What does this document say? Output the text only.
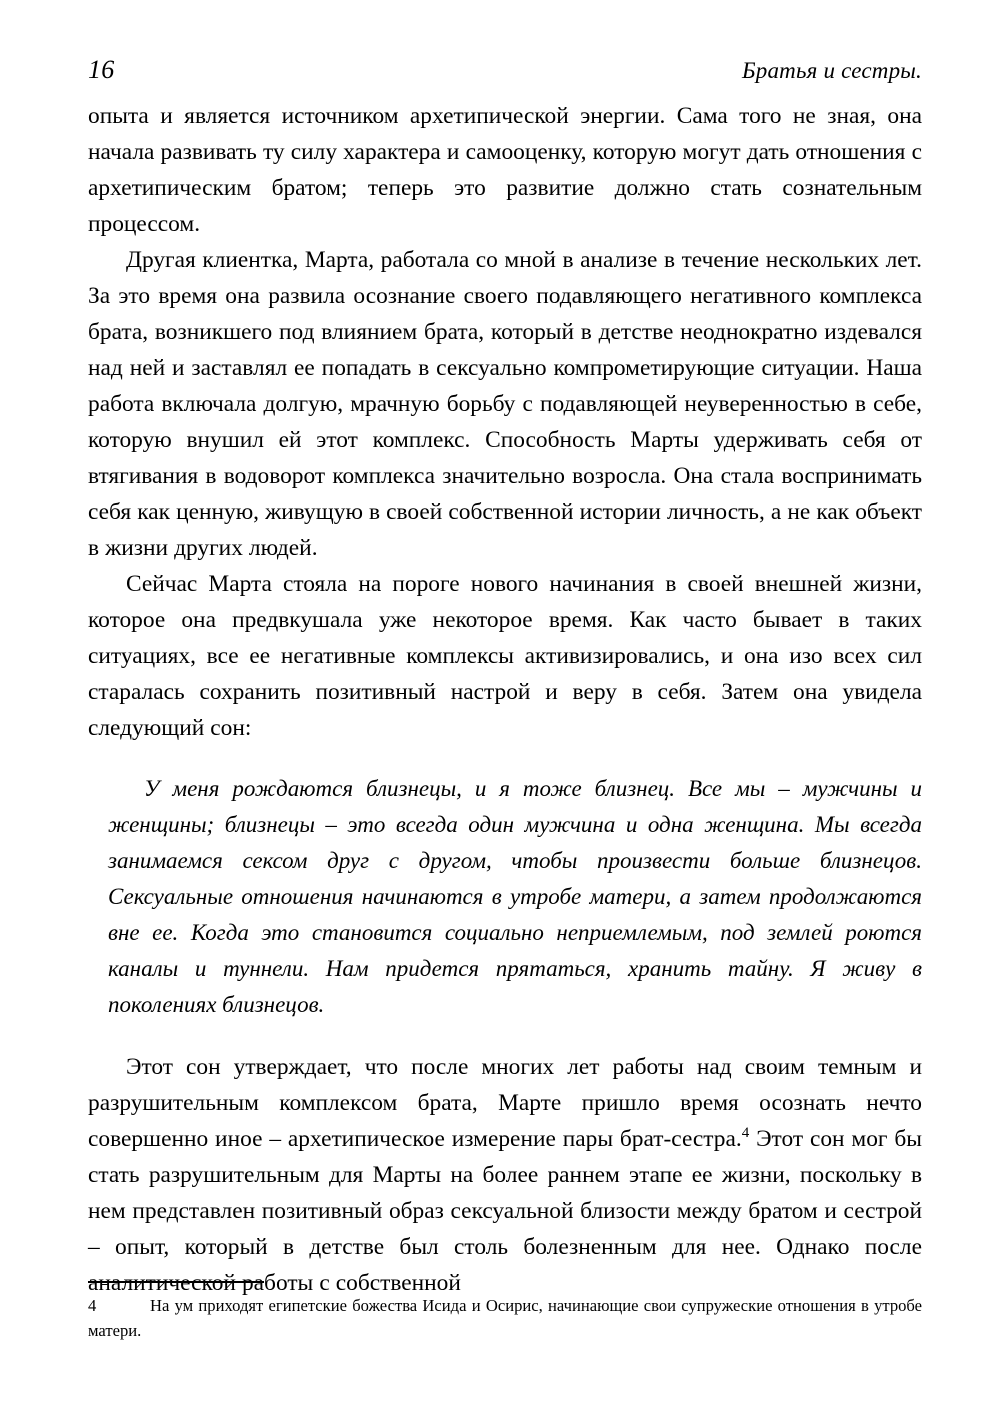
16	Братья и сестры.

опыта и является источником архетипической энергии. Сама того не зная, она начала развивать ту силу характера и самооценку, которую могут дать отношения с архетипическим братом; теперь это развитие должно стать сознательным процессом.

Другая клиентка, Марта, работала со мной в анализе в течение нескольких лет. За это время она развила осознание своего подавляющего негативного комплекса брата, возникшего под влиянием брата, который в детстве неоднократно издевался над ней и заставлял ее попадать в сексуально компрометирующие ситуации. Наша работа включала долгую, мрачную борьбу с подавляющей неуверенностью в себе, которую внушил ей этот комплекс. Способность Марты удерживать себя от втягивания в водоворот комплекса значительно возросла. Она стала воспринимать себя как ценную, живущую в своей собственной истории личность, а не как объект в жизни других людей.

Сейчас Марта стояла на пороге нового начинания в своей внешней жизни, которое она предвкушала уже некоторое время. Как часто бывает в таких ситуациях, все ее негативные комплексы активизировались, и она изо всех сил старалась сохранить позитивный настрой и веру в себя. Затем она увидела следующий сон:

У меня рождаются близнецы, и я тоже близнец. Все мы – мужчины и женщины; близнецы – это всегда один мужчина и одна женщина. Мы всегда занимаемся сексом друг с другом, чтобы произвести больше близнецов. Сексуальные отношения начинаются в утробе матери, а затем продолжаются вне ее. Когда это становится социально неприемлемым, под землей роются каналы и туннели. Нам придется прятаться, хранить тайну. Я живу в поколениях близнецов.

Этот сон утверждает, что после многих лет работы над своим темным и разрушительным комплексом брата, Марте пришло время осознать нечто совершенно иное – архетипическое измерение пары брат-сестра.$^4$ Этот сон мог бы стать разрушительным для Марты на более раннем этапе ее жизни, поскольку в нем представлен позитивный образ сексуальной близости между братом и сестрой – опыт, который в детстве был столь болезненным для нее. Однако после аналитической работы с собственной

4	На ум приходят египетские божества Исида и Осирис, начинающие свои супружеские отношения в утробе матери.
